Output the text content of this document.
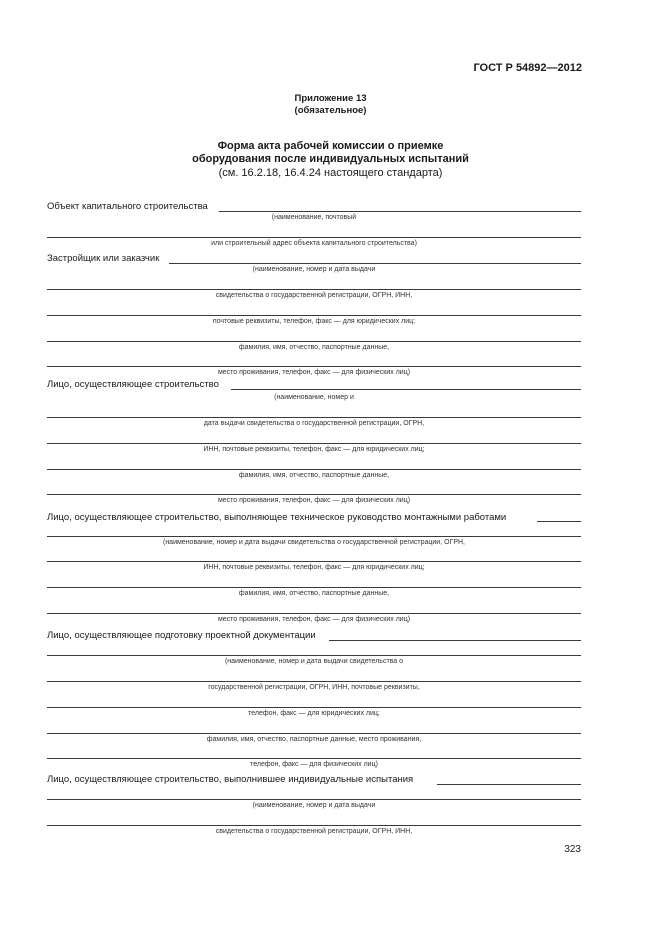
ГОСТ Р 54892—2012
Приложение 13
(обязательное)
Форма акта рабочей комиссии о приемке
оборудования после индивидуальных испытаний
(см. 16.2.18, 16.4.24 настоящего стандарта)
Объект капитального строительства
(наименование, почтовый
или строительный адрес объекта капитального строительства)
Застройщик или заказчик
(наименование, номер и дата выдачи
свидетельства о государственной регистрации, ОГРН, ИНН,
почтовые реквизиты, телефон, факс — для юридических лиц;
фамилия, имя, отчество, паспортные данные,
место проживания, телефон, факс — для физических лиц)
Лицо, осуществляющее строительство
(наименование, номер и
дата выдачи свидетельства о государственной регистрации, ОГРН,
ИНН, почтовые реквизиты, телефон, факс — для юридических лиц;
фамилия, имя, отчество, паспортные данные,
место проживания, телефон, факс — для физических лиц)
Лицо, осуществляющее строительство, выполняющее техническое руководство монтажными работами
(наименование, номер и дата выдачи свидетельства о государственной регистрации, ОГРН,
ИНН, почтовые реквизиты, телефон, факс — для юридических лиц;
фамилия, имя, отчество, паспортные данные,
место проживания, телефон, факс — для физических лиц)
Лицо, осуществляющее подготовку проектной документации
(наименование, номер и дата выдачи свидетельства о
государственной регистрации, ОГРН, ИНН, почтовые реквизиты,
телефон, факс — для юридических лиц;
фамилия, имя, отчество, паспортные данные, место проживания,
телефон, факс — для физических лиц)
Лицо, осуществляющее строительство, выполнившее индивидуальные испытания
(наименование, номер и дата выдачи
свидетельства о государственной регистрации, ОГРН, ИНН,
323
